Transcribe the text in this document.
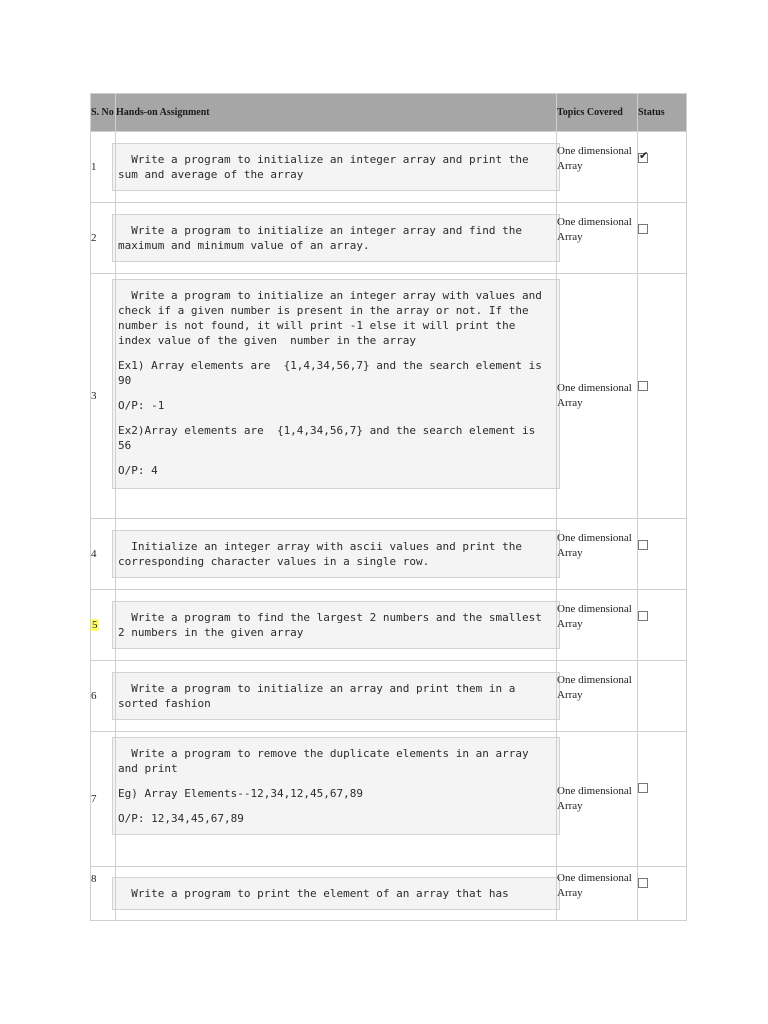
S. No	Hands-on Assignment	Topics Covered	Status
1	Write a program to initialize an integer array and print the sum and average of the array	One dimensional Array	✔

2	Write a program to initialize an integer array and find the maximum and minimum value of an array.	One dimensional Array	
3	Write a program to initialize an integer array with values and check if a given number is present in the array or not. If the number is not found, it will print -1 else it will print the index value of the given  number in the array

Ex1) Array elements are  {1,4,34,56,7} and the search element is 90

O/P: -1

Ex2)Array elements are  {1,4,34,56,7} and the search element is 56

O/P: 4	One dimensional Array	
4	Initialize an integer array with ascii values and print the corresponding character values in a single row.	One dimensional Array	
5	Write a program to find the largest 2 numbers and the smallest 2 numbers in the given array	One dimensional Array	
6	Write a program to initialize an array and print them in a sorted fashion	One dimensional Array	
7	Write a program to remove the duplicate elements in an array and print

Eg) Array Elements--12,34,12,45,67,89

O/P: 12,34,45,67,89	One dimensional Array	
8	Write a program to print the element of an array that has	One dimensional Array	
